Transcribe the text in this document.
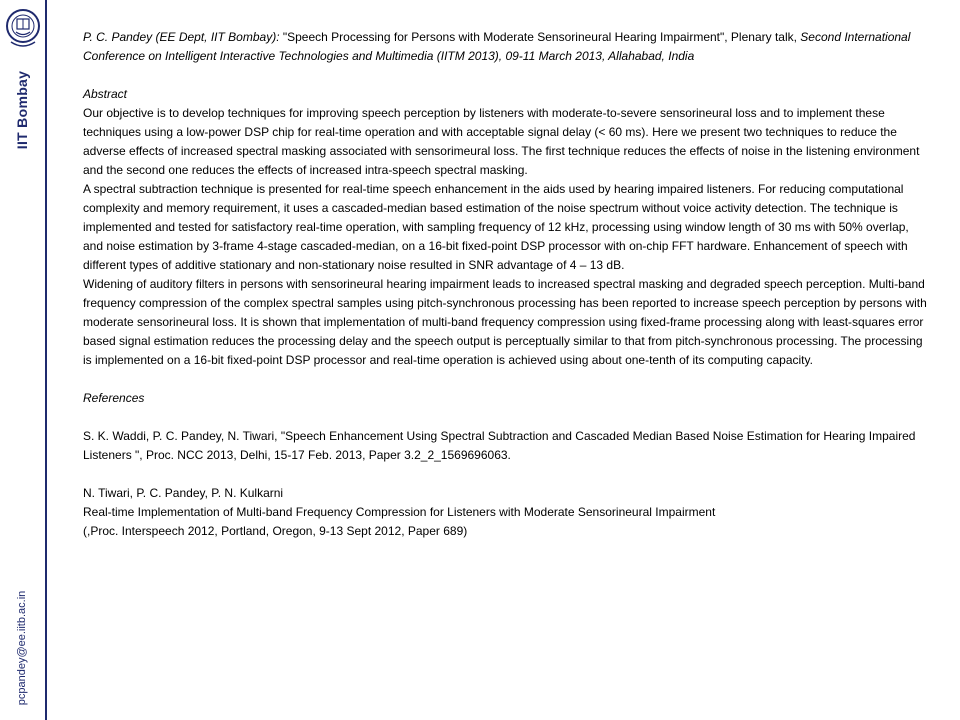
IIT Bombay
pcpandey@ee.iitb.ac.in

P. C. Pandey (EE Dept, IIT Bombay): "Speech Processing for Persons with Moderate Sensorineural Hearing Impairment", Plenary talk, Second International Conference on Intelligent Interactive Technologies and Multimedia (IITM 2013), 09-11 March 2013, Allahabad, India

Abstract

Our objective is to develop techniques for improving speech perception by listeners with moderate-to-severe sensorineural loss and to implement these techniques using a low-power DSP chip for real-time operation and with acceptable signal delay (< 60 ms). Here we present two techniques to reduce the adverse effects of increased spectral masking associated with sensorimeural loss. The first technique reduces the effects of noise in the listening environment and the second one reduces the effects of increased intra-speech spectral masking.

A spectral subtraction technique is presented for real-time speech enhancement in the aids used by hearing impaired listeners. For reducing computational complexity and memory requirement, it uses a cascaded-median based estimation of the noise spectrum without voice activity detection. The technique is implemented and tested for satisfactory real-time operation, with sampling frequency of 12 kHz, processing using window length of 30 ms with 50% overlap, and noise estimation by 3-frame 4-stage cascaded-median, on a 16-bit fixed-point DSP processor with on-chip FFT hardware. Enhancement of speech with different types of additive stationary and non-stationary noise resulted in SNR advantage of 4 – 13 dB.

Widening of auditory filters in persons with sensorineural hearing impairment leads to increased spectral masking and degraded speech perception. Multi-band frequency compression of the complex spectral samples using pitch-synchronous processing has been reported to increase speech perception by persons with moderate sensorineural loss. It is shown that implementation of multi-band frequency compression using fixed-frame processing along with least-squares error based signal estimation reduces the processing delay and the speech output is perceptually similar to that from pitch-synchronous processing. The processing is implemented on a 16-bit fixed-point DSP processor and real-time operation is achieved using about one-tenth of its computing capacity.

References

S. K. Waddi, P. C. Pandey, N. Tiwari, "Speech Enhancement Using Spectral Subtraction and Cascaded Median Based Noise Estimation for Hearing Impaired Listeners ", Proc. NCC 2013, Delhi, 15-17 Feb. 2013, Paper 3.2_2_1569696063.

N. Tiwari, P. C. Pandey, P. N. Kulkarni

Real-time Implementation of Multi-band Frequency Compression for Listeners with Moderate Sensorineural Impairment

(,Proc. Interspeech 2012, Portland, Oregon, 9-13 Sept 2012, Paper 689)
